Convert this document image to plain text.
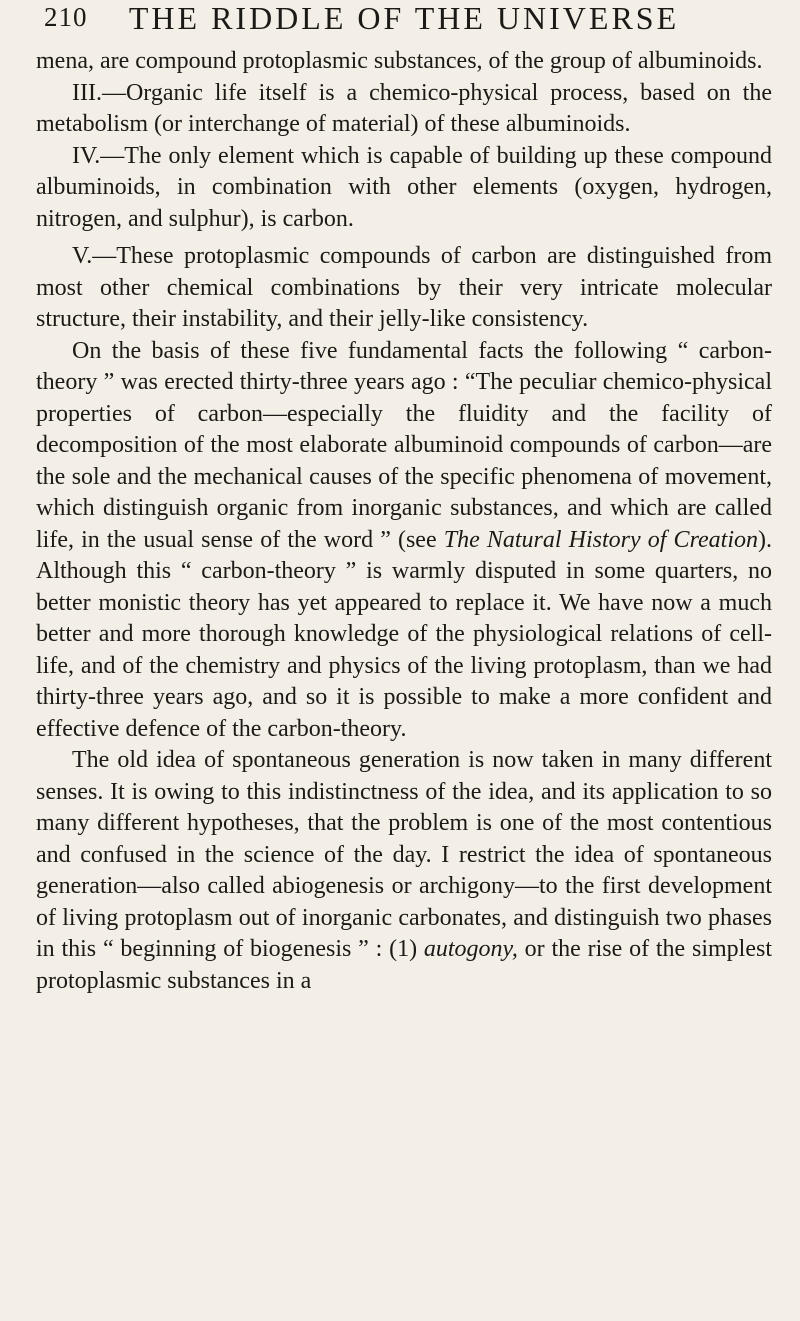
210	THE RIDDLE OF THE UNIVERSE

mena, are compound protoplasmic substances, of the group of albuminoids.

III.—Organic life itself is a chemico-physical process, based on the metabolism (or interchange of material) of these albuminoids.

IV.—The only element which is capable of building up these compound albuminoids, in combination with other elements (oxygen, hydrogen, nitrogen, and sulphur), is carbon.

V.—These protoplasmic compounds of carbon are distinguished from most other chemical combinations by their very intricate molecular structure, their instability, and their jelly-like consistency.

On the basis of these five fundamental facts the following “ carbon-theory ” was erected thirty-three years ago : “The peculiar chemico-physical properties of carbon—especially the fluidity and the facility of decomposition of the most elaborate albuminoid compounds of carbon—are the sole and the mechanical causes of the specific phenomena of movement, which distinguish organic from inorganic substances, and which are called life, in the usual sense of the word ” (see The Natural History of Creation). Although this “ carbon-theory ” is warmly disputed in some quarters, no better monistic theory has yet appeared to replace it. We have now a much better and more thorough knowledge of the physiological relations of cell-life, and of the chemistry and physics of the living protoplasm, than we had thirty-three years ago, and so it is possible to make a more confident and effective defence of the carbon-theory.

The old idea of spontaneous generation is now taken in many different senses. It is owing to this indistinctness of the idea, and its application to so many different hypotheses, that the problem is one of the most contentious and confused in the science of the day. I restrict the idea of spontaneous generation—also called abiogenesis or archigony—to the first development of living protoplasm out of inorganic carbonates, and distinguish two phases in this “ beginning of biogenesis ” : (1) autogony, or the rise of the simplest protoplasmic substances in a
